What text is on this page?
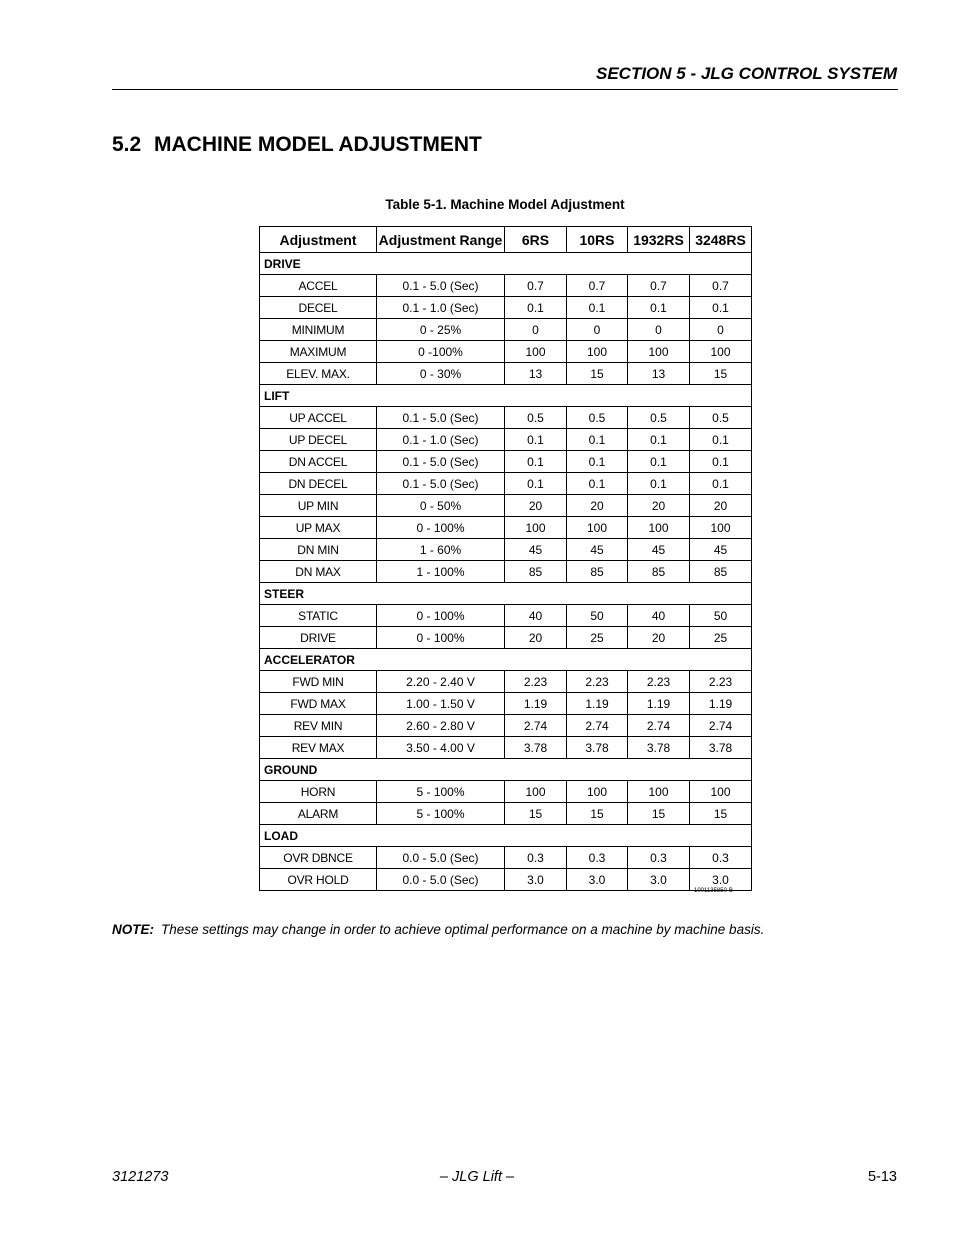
SECTION 5 - JLG CONTROL SYSTEM
5.2 MACHINE MODEL ADJUSTMENT
Table 5-1. Machine Model Adjustment
Adjustment	Adjustment Range	6RS	10RS	1932RS	3248RS
DRIVE					
ACCEL	0.1 - 5.0 (Sec)	0.7	0.7	0.7	0.7
DECEL	0.1 - 1.0 (Sec)	0.1	0.1	0.1	0.1
MINIMUM	0 - 25%	0	0	0	0
MAXIMUM	0 -100%	100	100	100	100
ELEV. MAX.	0 - 30%	13	15	13	15
LIFT					
UP ACCEL	0.1 - 5.0 (Sec)	0.5	0.5	0.5	0.5
UP DECEL	0.1 - 1.0 (Sec)	0.1	0.1	0.1	0.1
DN ACCEL	0.1 - 5.0 (Sec)	0.1	0.1	0.1	0.1
DN DECEL	0.1 - 5.0 (Sec)	0.1	0.1	0.1	0.1
UP MIN	0 - 50%	20	20	20	20
UP MAX	0 - 100%	100	100	100	100
DN MIN	1 - 60%	45	45	45	45
DN MAX	1 - 100%	85	85	85	85
STEER					
STATIC	0 - 100%	40	50	40	50
DRIVE	0 - 100%	20	25	20	25
ACCELERATOR					
FWD MIN	2.20 - 2.40 V	2.23	2.23	2.23	2.23
FWD MAX	1.00 - 1.50 V	1.19	1.19	1.19	1.19
REV MIN	2.60 - 2.80 V	2.74	2.74	2.74	2.74
REV MAX	3.50 - 4.00 V	3.78	3.78	3.78	3.78
GROUND					
HORN	5 - 100%	100	100	100	100
ALARM	5 - 100%	15	15	15	15
LOAD					
OVR DBNCE	0.0 - 5.0 (Sec)	0.3	0.3	0.3	0.3
OVR HOLD	0.0 - 5.0 (Sec)	3.0	3.0	3.0	3.0
1001135850-B
NOTE: These settings may change in order to achieve optimal performance on a machine by machine basis.
3121273	– JLG Lift –	5-13
